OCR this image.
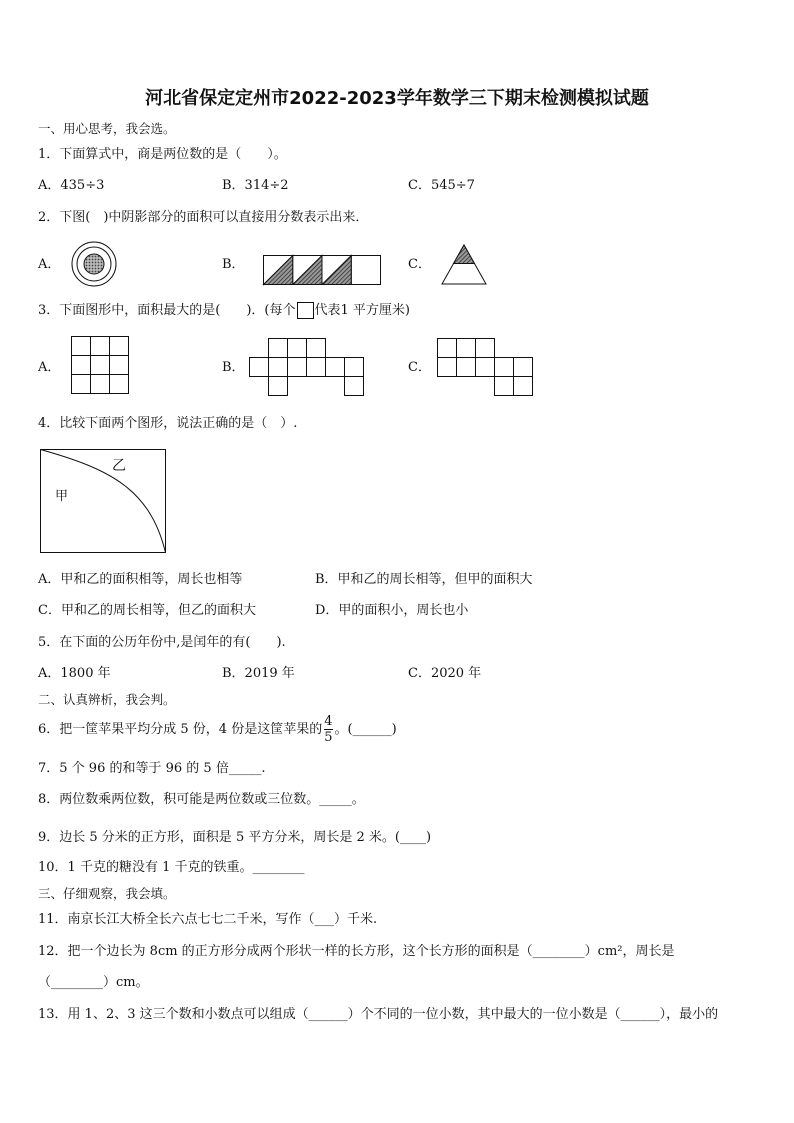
河北省保定定州市2022-2023学年数学三下期末检测模拟试题
一、用心思考，我会选。
1．下面算式中，商是两位数的是（　　）。
A．435÷3	B．314÷2	C．545÷7
2．下图(　)中阴影部分的面积可以直接用分数表示出来．
A．	B．	C．
3．下面图形中，面积最大的是(　　)．(每个 代表1 平方厘米)
A．	B．	C．
4．比较下面两个图形，说法正确的是（　）.
乙
甲
A．甲和乙的面积相等，周长也相等	B．甲和乙的周长相等，但甲的面积大
C．甲和乙的周长相等，但乙的面积大	D．甲的面积小，周长也小
5．在下面的公历年份中,是闰年的有(　　).
A．1800 年	B．2019 年	C．2020 年
二、认真辨析，我会判。
6．把一筐苹果平均分成 5 份，4 份是这筐苹果的 $\frac{4}{5}$ 。(______)
7．5 个 96 的和等于 96 的 5 倍_____.
8．两位数乘两位数，积可能是两位数或三位数。_____。
9．边长 5 分米的正方形，面积是 5 平方分米，周长是 2 米。(____)
10．1 千克的糖没有 1 千克的铁重。________
三、仔细观察，我会填。
11．南京长江大桥全长六点七七二千米，写作（___）千米.
12．把一个边长为 8cm 的正方形分成两个形状一样的长方形，这个长方形的面积是（________）cm²，周长是
（________）cm。
13．用 1、2、3 这三个数和小数点可以组成（______）个不同的一位小数，其中最大的一位小数是（______），最小的
